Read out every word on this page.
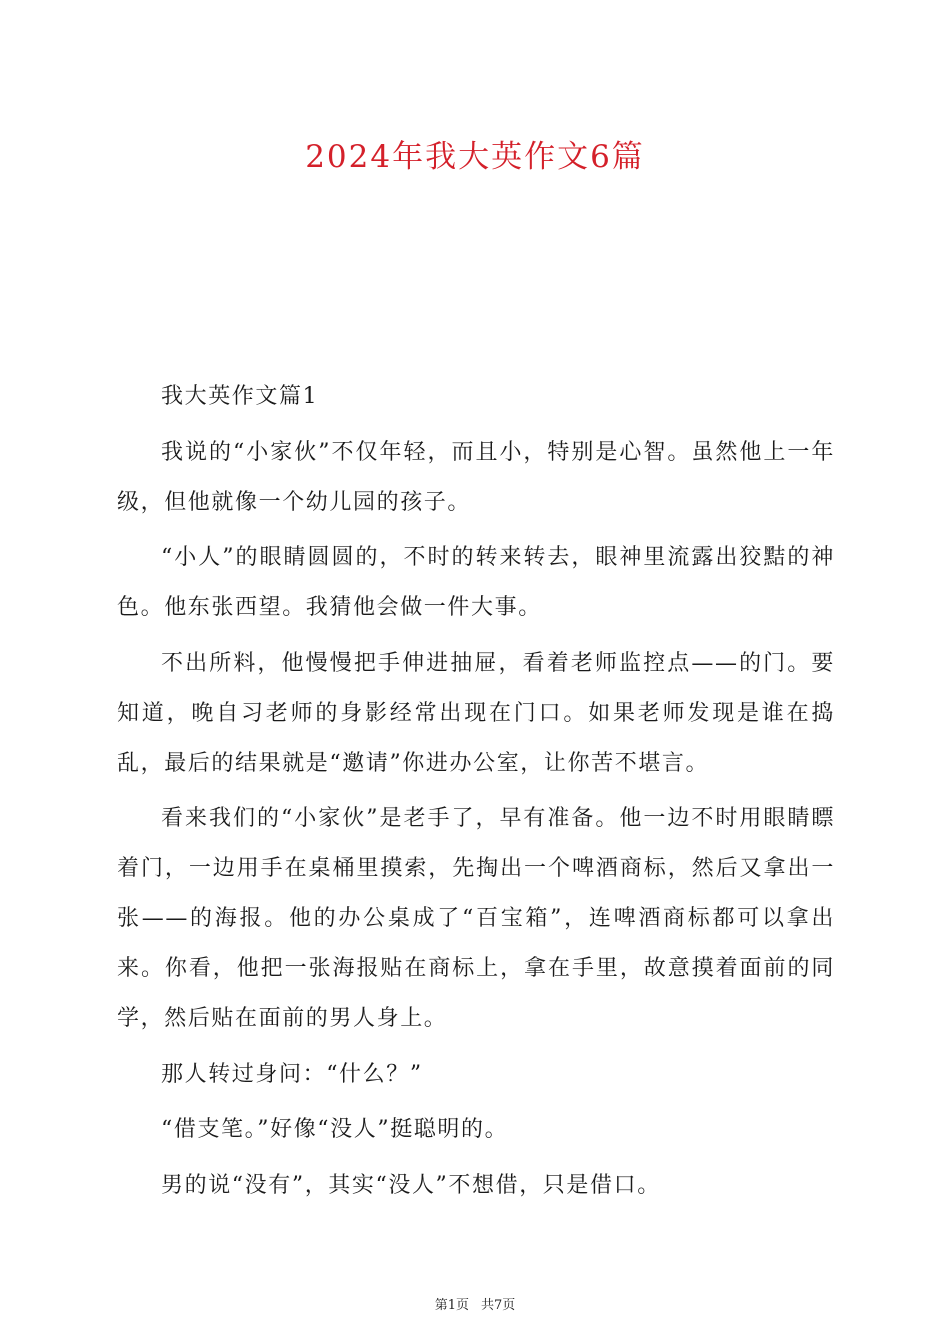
2024年我大英作文6篇

我大英作文篇1

我说的“小家伙”不仅年轻，而且小，特别是心智。虽然他上一年级，但他就像一个幼儿园的孩子。

“小人”的眼睛圆圆的，不时的转来转去，眼神里流露出狡黠的神色。他东张西望。我猜他会做一件大事。

不出所料，他慢慢把手伸进抽屉，看着老师监控点——的门。要知道，晚自习老师的身影经常出现在门口。如果老师发现是谁在捣乱，最后的结果就是“邀请”你进办公室，让你苦不堪言。

看来我们的“小家伙”是老手了，早有准备。他一边不时用眼睛瞟着门，一边用手在桌桶里摸索，先掏出一个啤酒商标，然后又拿出一张——的海报。他的办公桌成了“百宝箱”，连啤酒商标都可以拿出来。你看，他把一张海报贴在商标上，拿在手里，故意摸着面前的同学，然后贴在面前的男人身上。

那人转过身问：“什么？”

“借支笔。”好像“没人”挺聪明的。

男的说“没有”，其实“没人”不想借，只是借口。

第1页 共7页
